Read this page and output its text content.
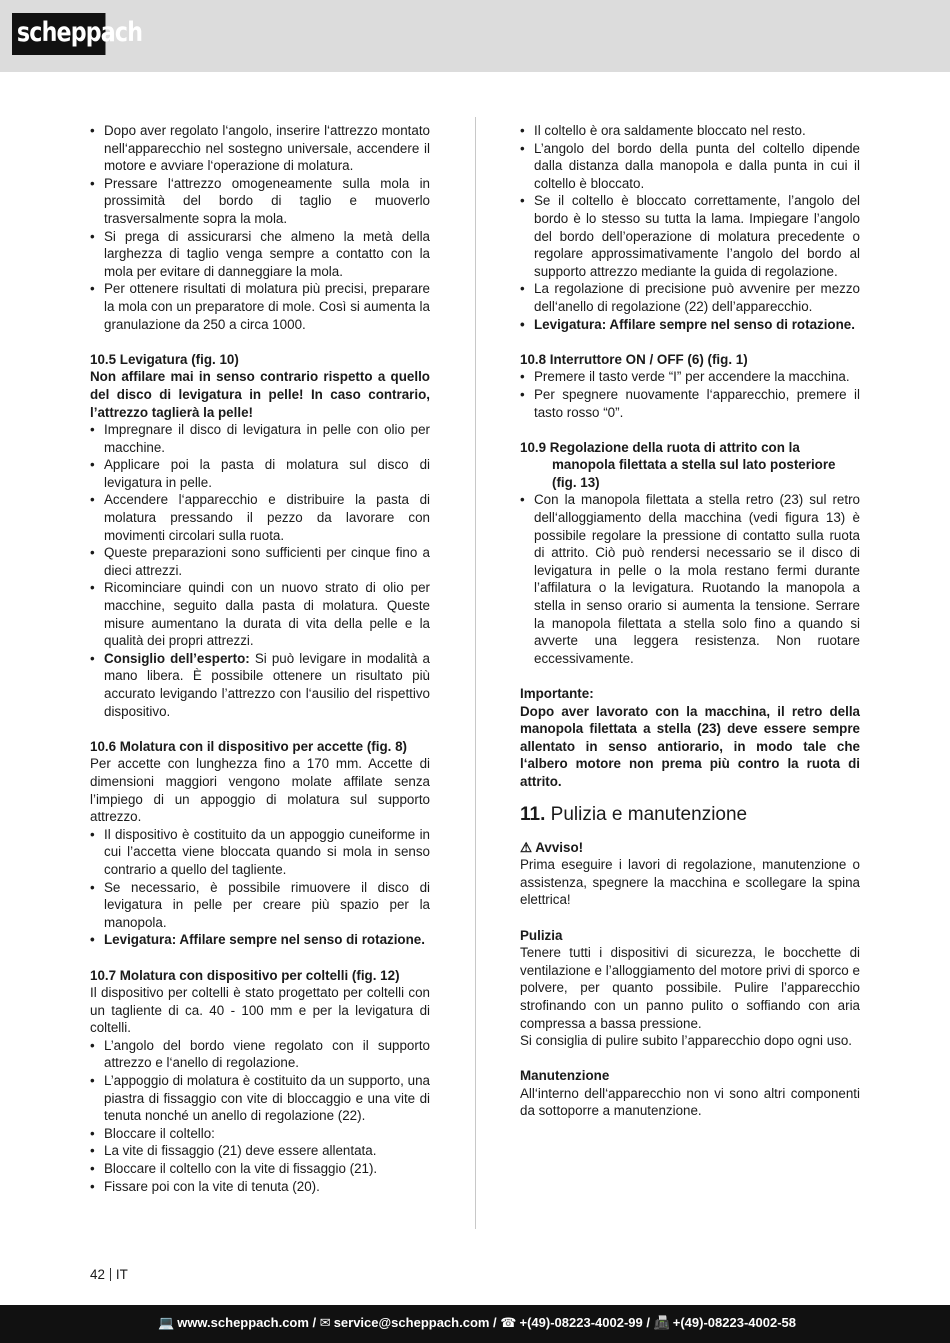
scheppach
• Dopo aver regolato l‘angolo, inserire l‘attrezzo montato nell‘apparecchio nel sostegno universale, accendere il motore e avviare l‘operazione di molatura.
• Pressare l‘attrezzo omogeneamente sulla mola in prossimità del bordo di taglio e muoverlo trasversalmente sopra la mola.
• Si prega di assicurarsi che almeno la metà della larghezza di taglio venga sempre a contatto con la mola per evitare di danneggiare la mola.
• Per ottenere risultati di molatura più precisi, preparare la mola con un preparatore di mole. Così si aumenta la granulazione da 250 a circa 1000.
10.5 Levigatura (fig. 10)
Non affilare mai in senso contrario rispetto a quello del disco di levigatura in pelle! In caso contrario, l’attrezzo taglierà la pelle!
• Impregnare il disco di levigatura in pelle con olio per macchine.
• Applicare poi la pasta di molatura sul disco di levigatura in pelle.
• Accendere l‘apparecchio e distribuire la pasta di molatura pressando il pezzo da lavorare con movimenti circolari sulla ruota.
• Queste preparazioni sono sufficienti per cinque fino a dieci attrezzi.
• Ricominciare quindi con un nuovo strato di olio per macchine, seguito dalla pasta di molatura. Queste misure aumentano la durata di vita della pelle e la qualità dei propri attrezzi.
• Consiglio dell’esperto: Si può levigare in modalità a mano libera. È possibile ottenere un risultato più accurato levigando l’attrezzo con l‘ausilio del rispettivo dispositivo.
10.6 Molatura con il dispositivo per accette (fig. 8)
Per accette con lunghezza fino a 170 mm. Accette di dimensioni maggiori vengono molate affilate senza l’impiego di un appoggio di molatura sul supporto attrezzo.
• Il dispositivo è costituito da un appoggio cuneiforme in cui l’accetta viene bloccata quando si mola in senso contrario a quello del tagliente.
• Se necessario, è possibile rimuovere il disco di levigatura in pelle per creare più spazio per la manopola.
• Levigatura: Affilare sempre nel senso di rotazione.
10.7 Molatura con dispositivo per coltelli (fig. 12)
Il dispositivo per coltelli è stato progettato per coltelli con un tagliente di ca. 40 - 100 mm e per la levigatura di coltelli.
• L’angolo del bordo viene regolato con il supporto attrezzo e l‘anello di regolazione.
• L’appoggio di molatura è costituito da un supporto, una piastra di fissaggio con vite di bloccaggio e una vite di tenuta nonché un anello di regolazione (22).
• Bloccare il coltello:
• La vite di fissaggio (21) deve essere allentata.
• Bloccare il coltello con la vite di fissaggio (21).
• Fissare poi con la vite di tenuta (20).
• Il coltello è ora saldamente bloccato nel resto.
• L’angolo del bordo della punta del coltello dipende dalla distanza dalla manopola e dalla punta in cui il coltello è bloccato.
• Se il coltello è bloccato correttamente, l’angolo del bordo è lo stesso su tutta la lama. Impiegare l’angolo del bordo dell’operazione di molatura precedente o regolare approssimativamente l’angolo del bordo al supporto attrezzo mediante la guida di regolazione.
• La regolazione di precisione può avvenire per mezzo dell‘anello di regolazione (22) dell’apparecchio.
• Levigatura: Affilare sempre nel senso di rotazione.
10.8 Interruttore ON / OFF (6) (fig. 1)
• Premere il tasto verde “I” per accendere la macchina.
• Per spegnere nuovamente l‘apparecchio, premere il tasto rosso “0”.
10.9 Regolazione della ruota di attrito con la manopola filettata a stella sul lato posteriore (fig. 13)
• Con la manopola filettata a stella retro (23) sul retro dell‘alloggiamento della macchina (vedi figura 13) è possibile regolare la pressione di contatto sulla ruota di attrito. Ciò può rendersi necessario se il disco di levigatura in pelle o la mola restano fermi durante l’affilatura o la levigatura. Ruotando la manopola a stella in senso orario si aumenta la tensione. Serrare la manopola filettata a stella solo fino a quando si avverte una leggera resistenza. Non ruotare eccessivamente.
Importante:
Dopo aver lavorato con la macchina, il retro della manopola filettata a stella (23) deve essere sempre allentato in senso antiorario, in modo tale che l‘albero motore non prema più contro la ruota di attrito.
11. Pulizia e manutenzione
⚠ Avviso!
Prima eseguire i lavori di regolazione, manutenzione o assistenza, spegnere la macchina e scollegare la spina elettrica!
Pulizia
Tenere tutti i dispositivi di sicurezza, le bocchette di ventilazione e l’alloggiamento del motore privi di sporco e polvere, per quanto possibile. Pulire l’apparecchio strofinando con un panno pulito o soffiando con aria compressa a bassa pressione.
Si consiglia di pulire subito l’apparecchio dopo ogni uso.
Manutenzione
All‘interno dell‘apparecchio non vi sono altri componenti da sottoporre a manutenzione.
42 IT
💻 www.scheppach.com / ✉ service@scheppach.com / ☎ +(49)-08223-4002-99 / 📠 +(49)-08223-4002-58
